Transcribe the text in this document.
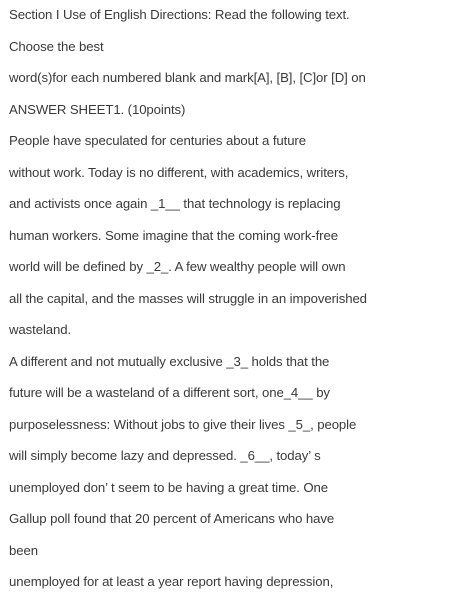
Section I Use of English Directions: Read the following text.
Choose the best
word(s)for each numbered blank and mark[A], [B], [C]or [D] on
ANSWER SHEET1. (10points)
People have speculated for centuries about a future
without work. Today is no different, with academics, writers,
and activists once again _1__ that technology is replacing
human workers. Some imagine that the coming work-free
world will be defined by _2_. A few wealthy people will own
all the capital, and the masses will struggle in an impoverished
wasteland.
A different and not mutually exclusive _3_ holds that the
future will be a wasteland of a different sort, one_4__ by
purposelessness: Without jobs to give their lives _5_, people
will simply become lazy and depressed. _6__, today’ s
unemployed don’ t seem to be having a great time. One
Gallup poll found that 20 percent of Americans who have
been
unemployed for at least a year report having depression,
